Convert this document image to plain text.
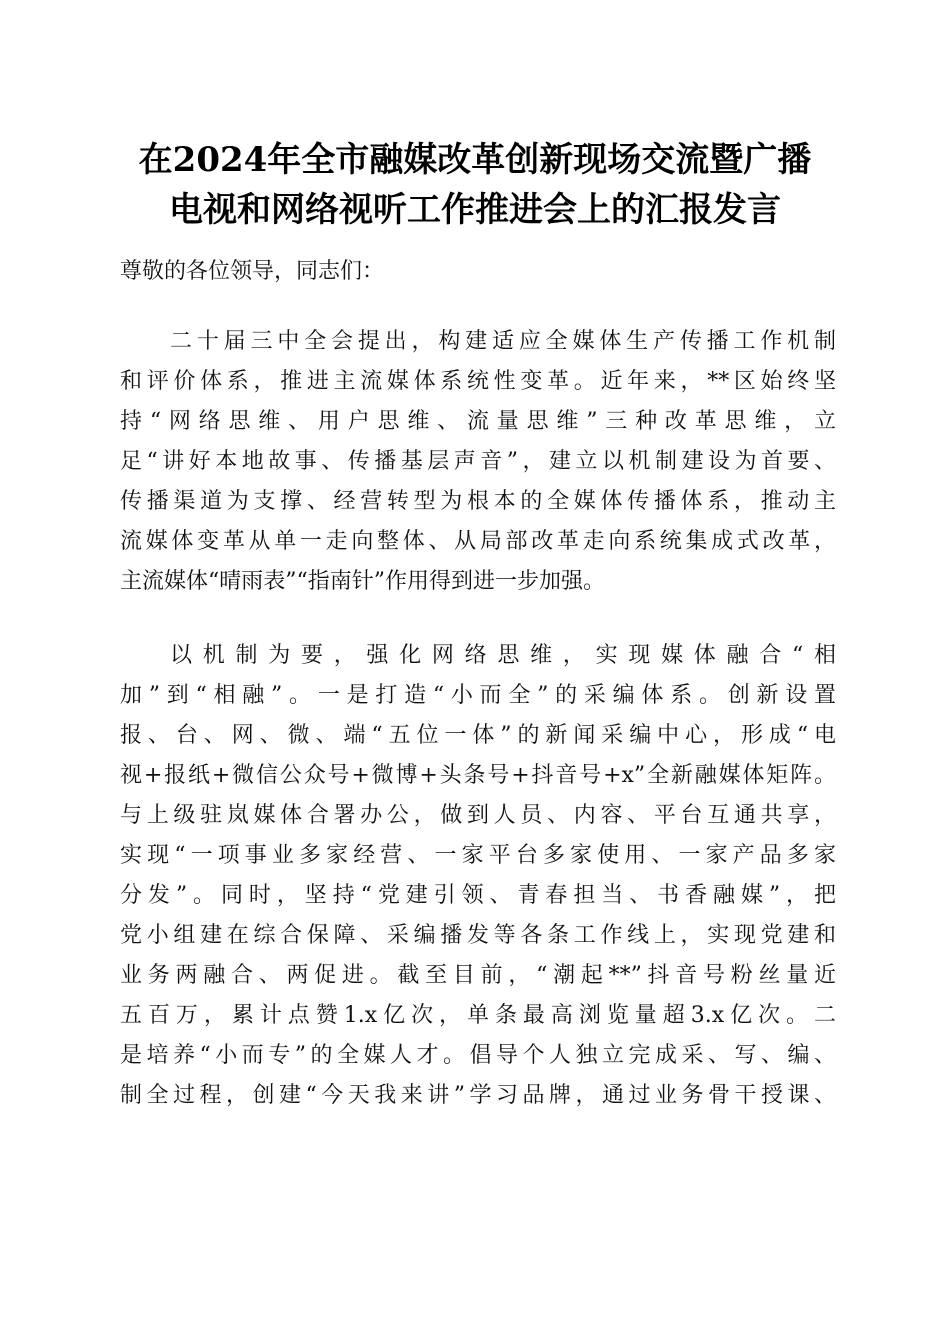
在2024年全市融媒改革创新现场交流暨广播
电视和网络视听工作推进会上的汇报发言
尊敬的各位领导，同志们：
二十届三中全会提出，构建适应全媒体生产传播工作机制
和评价体系，推进主流媒体系统性变革。近年来，**区始终坚
持“网络思维、用户思维、流量思维”三种改革思维，立
足“讲好本地故事、传播基层声音”，建立以机制建设为首要、
传播渠道为支撑、经营转型为根本的全媒体传播体系，推动主
流媒体变革从单一走向整体、从局部改革走向系统集成式改革，
主流媒体“晴雨表”“指南针”作用得到进一步加强。
以机制为要，强化网络思维，实现媒体融合“相
加”到“相融”。一是打造“小而全”的采编体系。创新设置
报、台、网、微、端“五位一体”的新闻采编中心，形成“电
视+报纸+微信公众号+微博+头条号+抖音号+x”全新融媒体矩阵。
与上级驻岚媒体合署办公，做到人员、内容、平台互通共享，
实现“一项事业多家经营、一家平台多家使用、一家产品多家
分发”。同时，坚持“党建引领、青春担当、书香融媒”，把
党小组建在综合保障、采编播发等各条工作线上，实现党建和
业务两融合、两促进。截至目前，“潮起**”抖音号粉丝量近
五百万，累计点赞1.x亿次，单条最高浏览量超3.x亿次。二
是培养“小而专”的全媒人才。倡导个人独立完成采、写、编、
制全过程，创建“今天我来讲”学习品牌，通过业务骨干授课、
